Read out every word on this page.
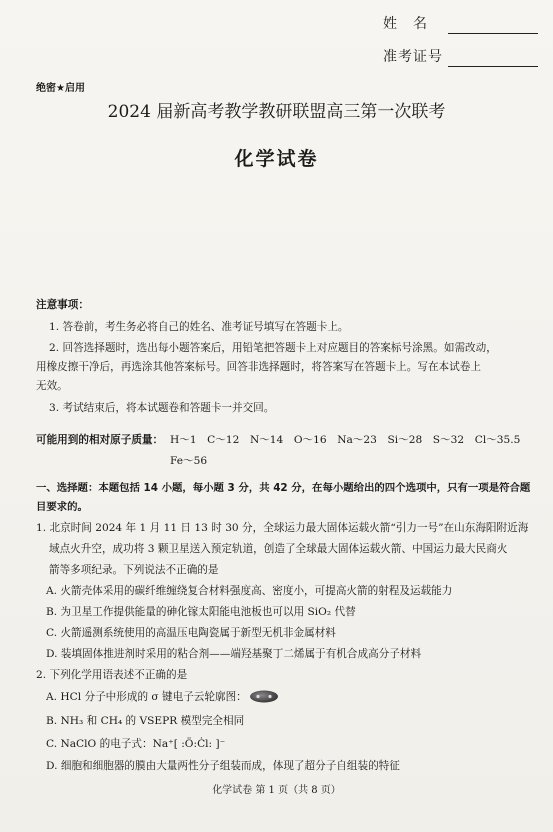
姓　名
准考证号
绝密★启用
2024 届新高考教学教研联盟高三第一次联考
化学试卷
注意事项：
1. 答卷前，考生务必将自己的姓名、准考证号填写在答题卡上。
2. 回答选择题时，选出每小题答案后，用铅笔把答题卡上对应题目的答案标号涂黑。如需改动，
用橡皮擦干净后，再选涂其他答案标号。回答非选择题时，将答案写在答题卡上。写在本试卷上
无效。
3. 考试结束后，将本试题卷和答题卡一并交回。
可能用到的相对原子质量： H～1　C～12　N～14　O～16　Na～23　Si～28　S～32　Cl～35.5
Fe～56
一、选择题：本题包括 14 小题，每小题 3 分，共 42 分，在每小题给出的四个选项中，只有一项是符合题
目要求的。
1. 北京时间 2024 年 1 月 11 日 13 时 30 分，全球运力最大固体运载火箭“引力一号”在山东海阳附近海
域点火升空，成功将 3 颗卫星送入预定轨道，创造了全球最大固体运载火箭、中国运力最大民商火
箭等多项纪录。下列说法不正确的是
A. 火箭壳体采用的碳纤维缠绕复合材料强度高、密度小，可提高火箭的射程及运载能力
B. 为卫星工作提供能量的砷化镓太阳能电池板也可以用 SiO₂ 代替
C. 火箭遥测系统使用的高温压电陶瓷属于新型无机非金属材料
D. 装填固体推进剂时采用的粘合剂——端羟基聚丁二烯属于有机合成高分子材料
2. 下列化学用语表述不正确的是
A. HCl 分子中形成的 σ 键电子云轮廓图：
B. NH₃ 和 CH₄ 的 VSEPR 模型完全相同
C. NaClO 的电子式：Na⁺[ :Ö:Ċl: ]⁻
D. 细胞和细胞器的膜由大量两性分子组装而成，体现了超分子自组装的特征
化学试卷 第 1 页（共 8 页）
